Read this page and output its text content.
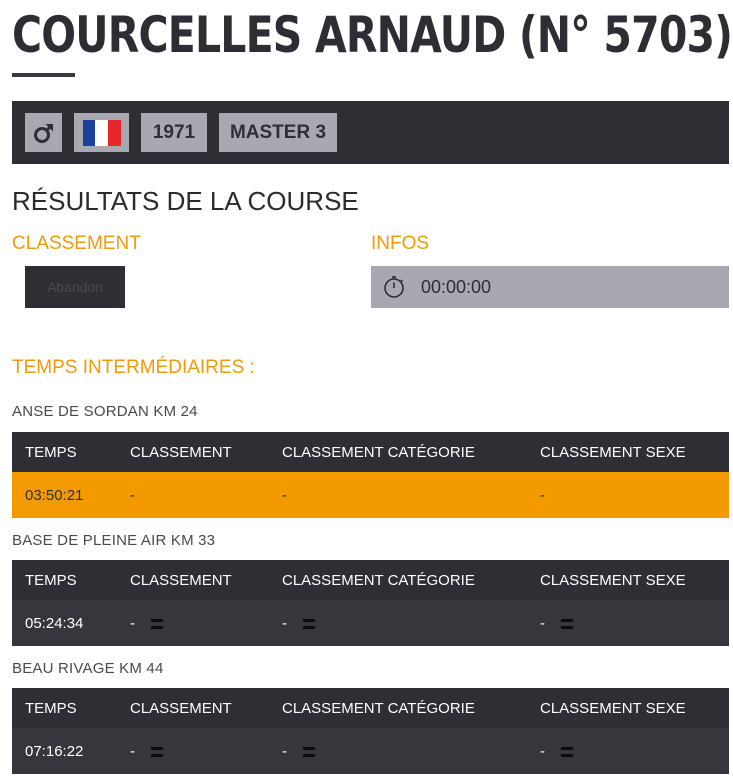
COURCELLES ARNAUD (N° 5703)
1971	MASTER 3
RÉSULTATS DE LA COURSE
CLASSEMENT	INFOS
Abandon	00:00:00
TEMPS INTERMÉDIAIRES :
ANSE DE SORDAN KM 24
TEMPS	CLASSEMENT	CLASSEMENT CATÉGORIE	CLASSEMENT SEXE
03:50:21	-	-	-
BASE DE PLEINE AIR KM 33
TEMPS	CLASSEMENT	CLASSEMENT CATÉGORIE	CLASSEMENT SEXE
05:24:34	-	-	-
BEAU RIVAGE KM 44
TEMPS	CLASSEMENT	CLASSEMENT CATÉGORIE	CLASSEMENT SEXE
07:16:22	-	-	-
